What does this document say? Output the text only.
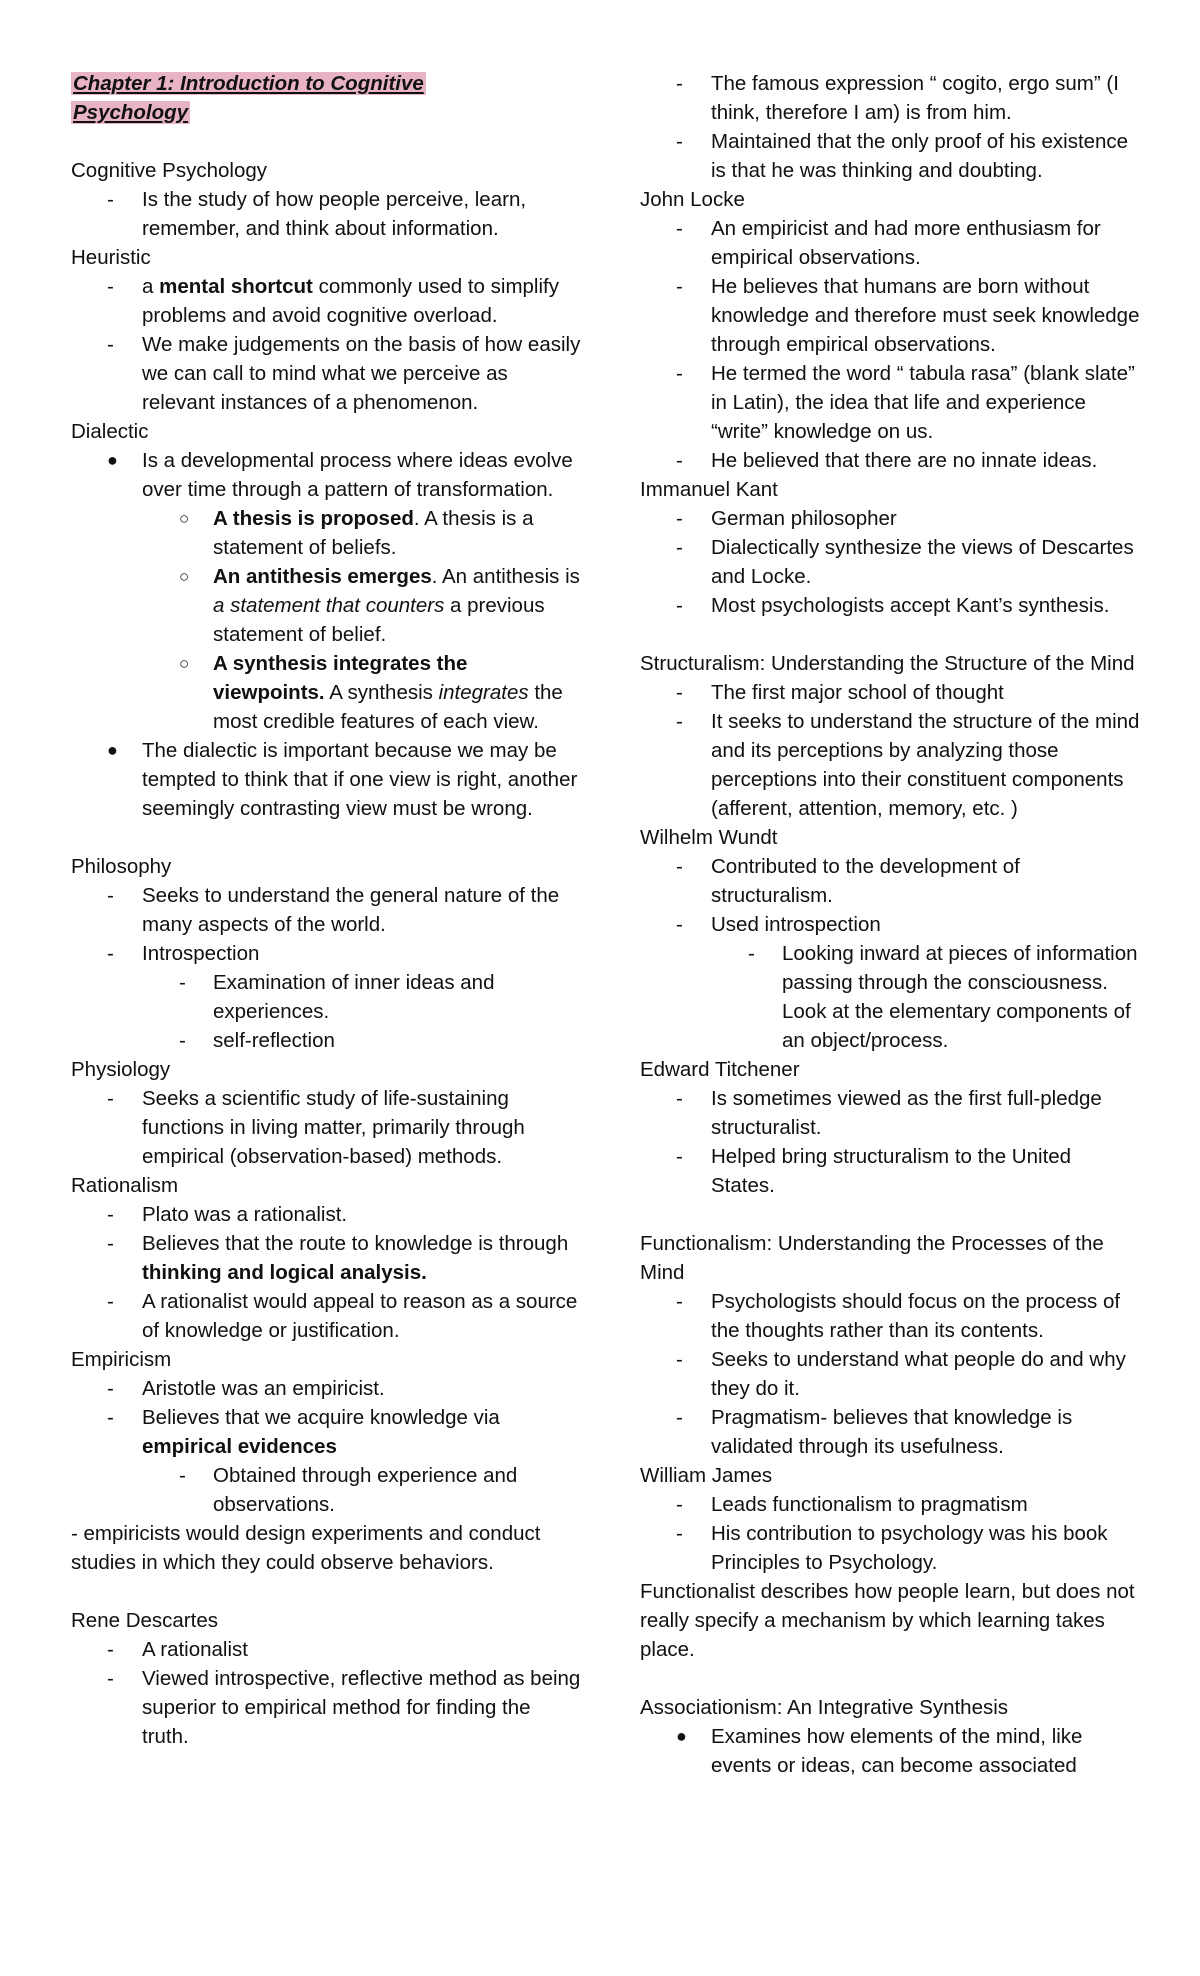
Chapter 1: Introduction to Cognitive
Psychology

Cognitive Psychology

- Is the study of how people perceive, learn, remember, and think about information.

Heuristic

- a mental shortcut commonly used to simplify problems and avoid cognitive overload.

- We make judgements on the basis of how easily we can call to mind what we perceive as relevant instances of a phenomenon.

Dialectic

● Is a developmental process where ideas evolve over time through a pattern of transformation.

○ A thesis is proposed. A thesis is a statement of beliefs.

○ An antithesis emerges. An antithesis is a statement that counters a previous statement of belief.

○ A synthesis integrates the viewpoints. A synthesis integrates the most credible features of each view.

● The dialectic is important because we may be tempted to think that if one view is right, another seemingly contrasting view must be wrong.

Philosophy

- Seeks to understand the general nature of the many aspects of the world.

- Introspection

- Examination of inner ideas and experiences.

- self-reflection

Physiology

- Seeks a scientific study of life-sustaining functions in living matter, primarily through empirical (observation-based) methods.

Rationalism

- Plato was a rationalist.

- Believes that the route to knowledge is through thinking and logical analysis.

- A rationalist would appeal to reason as a source of knowledge or justification.

Empiricism

- Aristotle was an empiricist.

- Believes that we acquire knowledge via empirical evidences

- Obtained through experience and observations.

- empiricists would design experiments and conduct studies in which they could observe behaviors.

Rene Descartes

- A rationalist

- Viewed introspective, reflective method as being superior to empirical method for finding the truth.

- The famous expression “ cogito, ergo sum” (I think, therefore I am) is from him.

- Maintained that the only proof of his existence is that he was thinking and doubting.

John Locke

- An empiricist and had more enthusiasm for empirical observations.

- He believes that humans are born without knowledge and therefore must seek knowledge through empirical observations.

- He termed the word “ tabula rasa” (blank slate” in Latin), the idea that life and experience “write” knowledge on us.

- He believed that there are no innate ideas.

Immanuel Kant

- German philosopher

- Dialectically synthesize the views of Descartes and Locke.

- Most psychologists accept Kant’s synthesis.

Structuralism: Understanding the Structure of the Mind

- The first major school of thought

- It seeks to understand the structure of the mind and its perceptions by analyzing those perceptions into their constituent components (afferent, attention, memory, etc. )

Wilhelm Wundt

- Contributed to the development of structuralism.

- Used introspection

- Looking inward at pieces of information passing through the consciousness. Look at the elementary components of an object/process.

Edward Titchener

- Is sometimes viewed as the first full-pledge structuralist.

- Helped bring structuralism to the United States.

Functionalism: Understanding the Processes of the Mind

- Psychologists should focus on the process of the thoughts rather than its contents.

- Seeks to understand what people do and why they do it.

- Pragmatism- believes that knowledge is validated through its usefulness.

William James

- Leads functionalism to pragmatism

- His contribution to psychology was his book Principles to Psychology.

Functionalist describes how people learn, but does not really specify a mechanism by which learning takes place.

Associationism: An Integrative Synthesis

● Examines how elements of the mind, like events or ideas, can become associated
